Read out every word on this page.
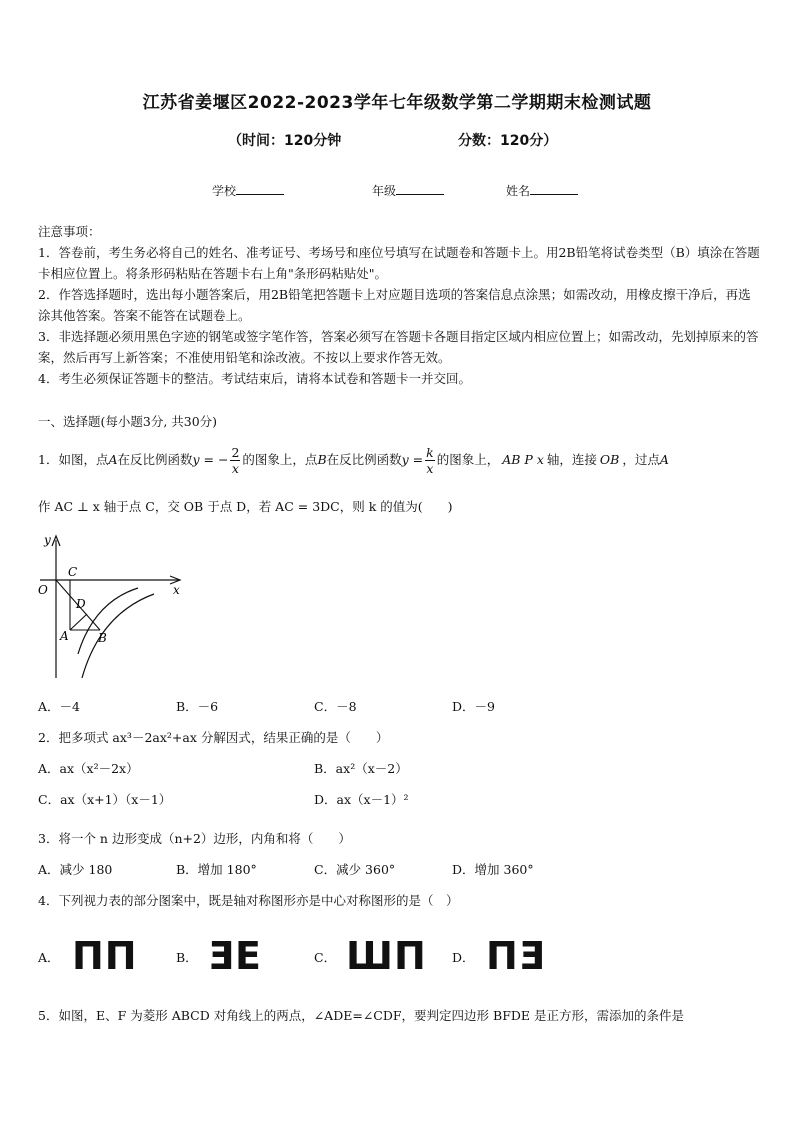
江苏省姜堰区2022-2023学年七年级数学第二学期期末检测试题
（时间：120分钟	分数：120分）
学校	年级	姓名

注意事项：

1．答卷前，考生务必将自己的姓名、准考证号、考场号和座位号填写在试题卷和答题卡上。用2B铅笔将试卷类型（B）填涂在答题卡相应位置上。将条形码粘贴在答题卡右上角"条形码粘贴处"。

2．作答选择题时，选出每小题答案后，用2B铅笔把答题卡上对应题目选项的答案信息点涂黑；如需改动，用橡皮擦干净后，再选涂其他答案。答案不能答在试题卷上。

3．非选择题必须用黑色字迹的钢笔或签字笔作答，答案必须写在答题卡各题目指定区域内相应位置上；如需改动，先划掉原来的答案，然后再写上新答案；不准使用铅笔和涂改液。不按以上要求作答无效。

4．考生必须保证答题卡的整洁。考试结束后，请将本试卷和答题卡一并交回。

一、选择题(每小题3分, 共30分)
1．如图，点A在反比例函数y = − $\frac{2}{x}$ 的图象上，点B在反比例函数$y = \frac{k}{x}$ 的图象上， AB P x 轴，连接 OB ，过点A
作 AC ⊥ x 轴于点 C，交 OB 于点 D，若 AC = 3DC，则 k 的值为(　　)
y
x
O
C
D
A B
A．－4	B．－6	C．－8	D．－9
2．把多项式 ax³－2ax²+ax 分解因式，结果正确的是（　　）
A．ax（x²－2x）	B．ax²（x－2）
C．ax（x+1）（x－1）	D．ax（x－1）²
3．将一个 n 边形变成（n+2）边形，内角和将（　　）
A．减少 180	B．增加 180°	C．减少 360°	D．增加 360°
4．下列视力表的部分图案中，既是轴对称图形亦是中心对称图形的是（　）
A． ПП	B． ƎE	C． ШП D． ПƎ
5．如图，E、F 为菱形 ABCD 对角线上的两点，∠ADE=∠CDF，要判定四边形 BFDE 是正方形，需添加的条件是
